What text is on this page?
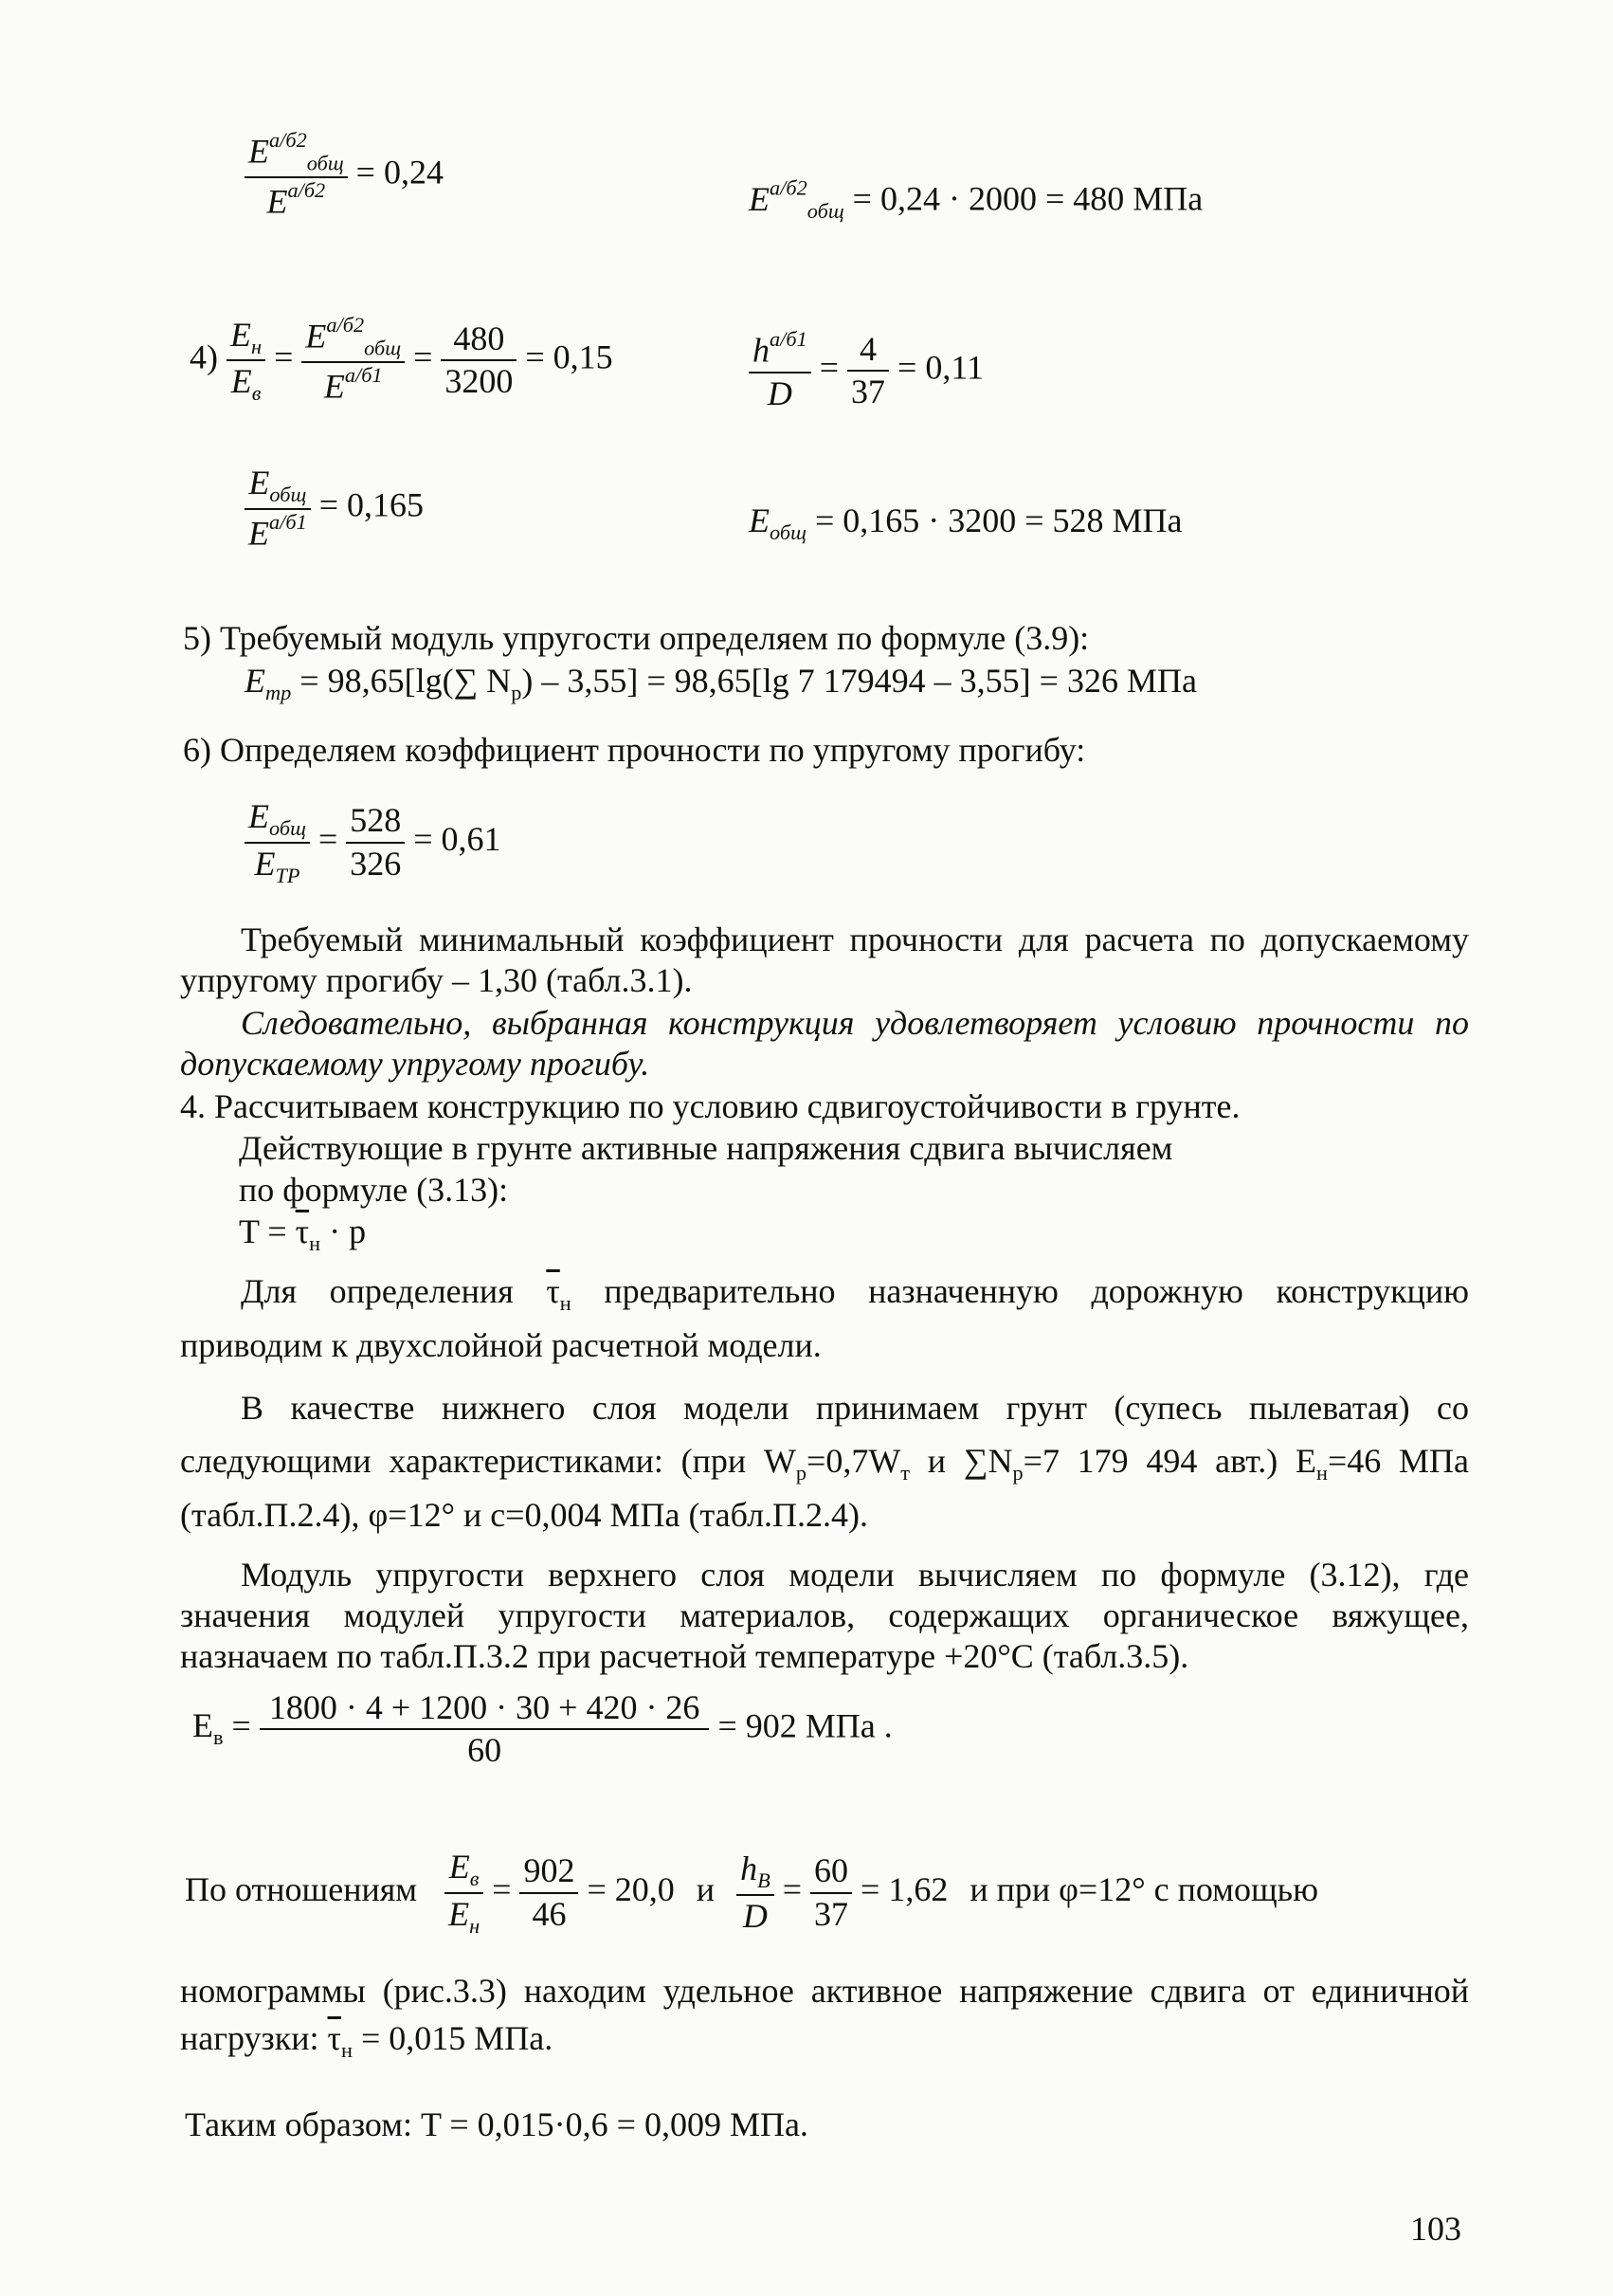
$\frac{E^{а/б2}_{общ}}{E^{а/б2}} = 0,24$
$E^{а/б2}_{общ} = 0,24 \cdot 2000 = 480$ МПа
$4) \frac{E_н}{E_в} = \frac{E^{а/б2}_{общ}}{E^{а/б1}} = \frac{480}{3200} = 0,15$	$\frac{h^{а/б1}}{D} = \frac{4}{37} = 0,11$
$\frac{E_{общ}}{E^{а/б1}} = 0,165$	$E_{общ} = 0,165 \cdot 3200 = 528$ МПа
5) Требуемый модуль упругости определяем по формуле (3.9):
$E_{тр} = 98,65[\lg(\sum$ $N_р) - 3,55] = 98,65[\lg$ 7 179494 – 3,55] = 326 МПа
6) Определяем коэффициент прочности по упругому прогибу:
$\frac{E_{общ}}{E_{ТР}} = \frac{528}{326} = 0,61$
Требуемый минимальный коэффициент прочности для расчета по допускаемому упругому прогибу – 1,30 (табл.3.1).
Следовательно, выбранная конструкция удовлетворяет условию прочности по допускаемому упругому прогибу.
4. Рассчитываем конструкцию по условию сдвигоустойчивости в грунте.
Действующие в грунте активные напряжения сдвига вычисляем
по формуле (3.13):
$T = \overline{\tau}_н \cdot p$
Для определения $\overline{\tau}_н$ предварительно назначенную дорожную конструкцию приводим к двухслойной расчетной модели.
В качестве нижнего слоя модели принимаем грунт (супесь пылеватая) со следующими характеристиками: (при $W_р=0,7W_т$ и $\sum N_р=7$ 179 494 авт.) $E_н=46$ МПа (табл.П.2.4), φ=12° и с=0,004 МПа (табл.П.2.4).
Модуль упругости верхнего слоя модели вычисляем по формуле (3.12), где значения модулей упругости материалов, содержащих органическое вяжущее, назначаем по табл.П.3.2 при расчетной температуре +20°С (табл.3.5).
$E_в = \frac{1800 \cdot 4 + 1200 \cdot 30 + 420 \cdot 26}{60} = 902$ МПа .
По отношениям $\frac{E_в}{E_н} = \frac{902}{46} = 20,0$ и $\frac{h_В}{D} = \frac{60}{37} = 1,62$ и при φ=12° с помощью
номограммы (рис.3.3) находим удельное активное напряжение сдвига от единичной нагрузки: $\overline{\tau}_н = 0,015$ МПа.
Таким образом: T = 0,015·0,6 = 0,009 МПа.
103
